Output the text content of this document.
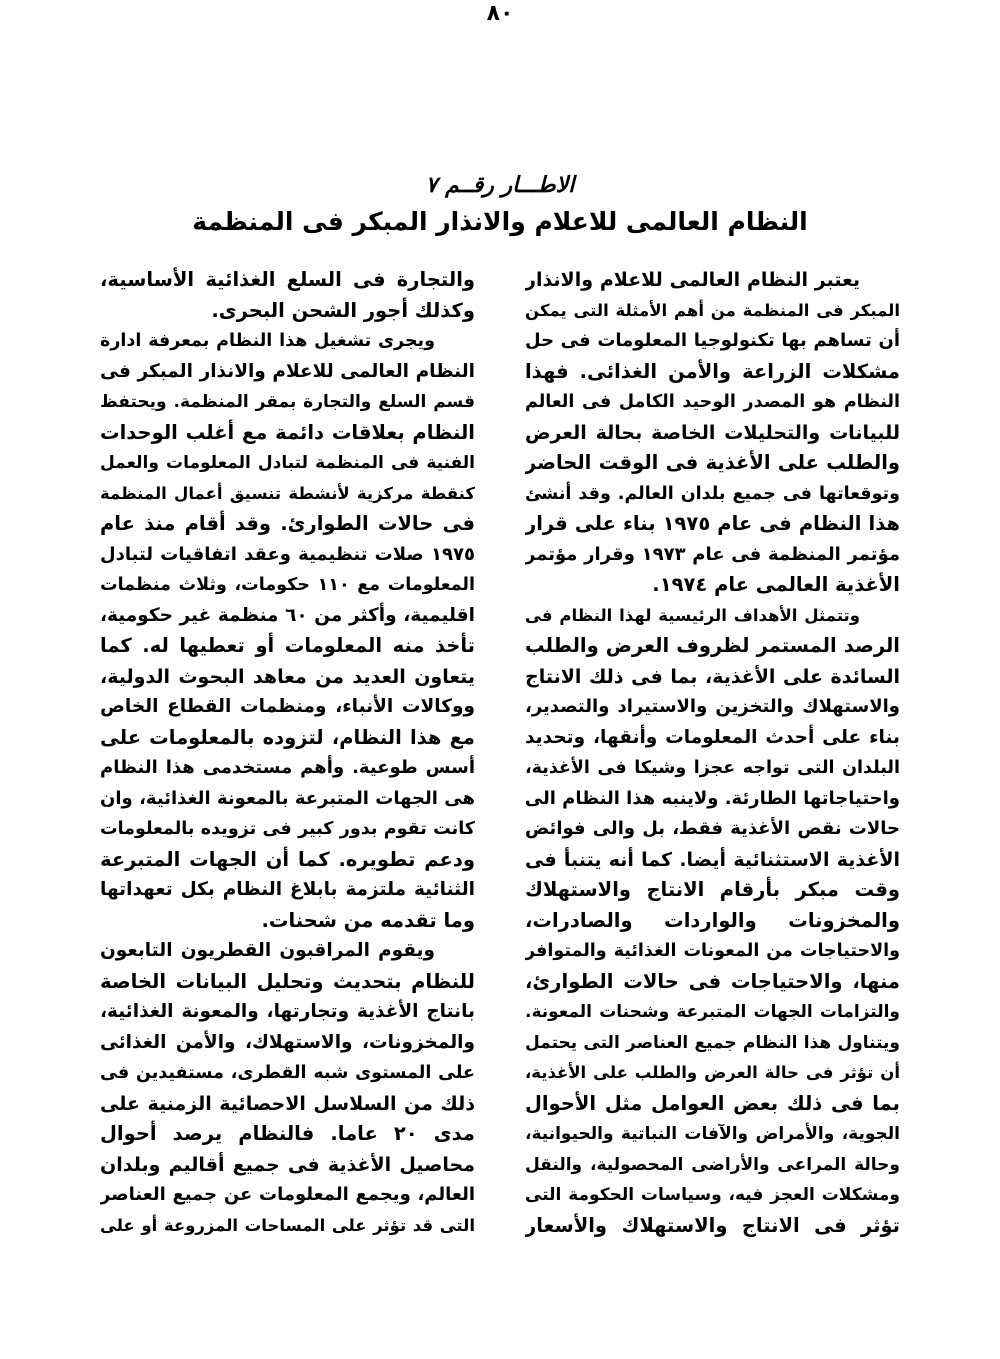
٨٠
الاطـــار رقــم ٧
النظام العالمى للاعلام والانذار المبكر فى المنظمة
يعتبر النظام العالمى للاعلام والانذار
المبكر فى المنظمة من أهم الأمثلة التى يمكن
أن تساهم بها تكنولوجيا المعلومات فى حل
مشكلات الزراعة والأمن الغذائى. فهذا
النظام هو المصدر الوحيد الكامل فى العالم
للبيانات والتحليلات الخاصة بحالة العرض
والطلب على الأغذية فى الوقت الحاضر
وتوقعاتها فى جميع بلدان العالم. وقد أنشئ
هذا النظام فى عام ١٩٧٥ بناء على قرار
مؤتمر المنظمة فى عام ١٩٧٣ وقرار مؤتمر
الأغذية العالمى عام ١٩٧٤.
وتتمثل الأهداف الرئيسية لهذا النظام فى
الرصد المستمر لظروف العرض والطلب
السائدة على الأغذية، بما فى ذلك الانتاج
والاستهلاك والتخزين والاستيراد والتصدير،
بناء على أحدث المعلومات وأنقها، وتحديد
البلدان التى تواجه عجزا وشيكا فى الأغذية،
واحتياجاتها الطارئة. ولاينبه هذا النظام الى
حالات نقص الأغذية فقط، بل والى فوائض
الأغذية الاستثنائية أيضا. كما أنه يتنبأ فى
وقت مبكر بأرقام الانتاج والاستهلاك
والمخزونات والواردات والصادرات،
والاحتياجات من المعونات الغذائية والمتوافر
منها، والاحتياجات فى حالات الطوارئ،
والتزامات الجهات المتبرعة وشحنات المعونة.
ويتناول هذا النظام جميع العناصر التى يحتمل
أن تؤثر فى حالة العرض والطلب على الأغذية،
بما فى ذلك بعض العوامل مثل الأحوال
الجوية، والأمراض والآفات النباتية والحيوانية،
وحالة المراعى والأراضى المحصولية، والنقل
ومشكلات العجز فيه، وسياسات الحكومة التى
تؤثر فى الانتاج والاستهلاك والأسعار
والتجارة فى السلع الغذائية الأساسية،
وكذلك أجور الشحن البحرى.
ويجرى تشغيل هذا النظام بمعرفة ادارة
النظام العالمى للاعلام والانذار المبكر فى
قسم السلع والتجارة بمقر المنظمة. ويحتفظ
النظام بعلاقات دائمة مع أغلب الوحدات
الفنية فى المنظمة لتبادل المعلومات والعمل
كنقطة مركزية لأنشطة تنسيق أعمال المنظمة
فى حالات الطوارئ. وقد أقام منذ عام
١٩٧٥ صلات تنظيمية وعقد اتفاقيات لتبادل
المعلومات مع ١١٠ حكومات، وثلاث منظمات
اقليمية، وأكثر من ٦٠ منظمة غير حكومية،
تأخذ منه المعلومات أو تعطيها له. كما
يتعاون العديد من معاهد البحوث الدولية،
ووكالات الأنباء، ومنظمات القطاع الخاص
مع هذا النظام، لتزوده بالمعلومات على
أسس طوعية. وأهم مستخدمى هذا النظام
هى الجهات المتبرعة بالمعونة الغذائية، وان
كانت تقوم بدور كبير فى تزويده بالمعلومات
ودعم تطويره. كما أن الجهات المتبرعة
الثنائية ملتزمة بابلاغ النظام بكل تعهداتها
وما تقدمه من شحنات.
ويقوم المراقبون القطريون التابعون
للنظام بتحديث وتحليل البيانات الخاصة
بانتاج الأغذية وتجارتها، والمعونة الغذائية،
والمخزونات، والاستهلاك، والأمن الغذائى
على المستوى شبه القطرى، مستفيدين فى
ذلك من السلاسل الاحصائية الزمنية على
مدى ٢٠ عاما. فالنظام يرصد أحوال
محاصيل الأغذية فى جميع أقاليم وبلدان
العالم، ويجمع المعلومات عن جميع العناصر
التى قد تؤثر على المساحات المزروعة أو على
